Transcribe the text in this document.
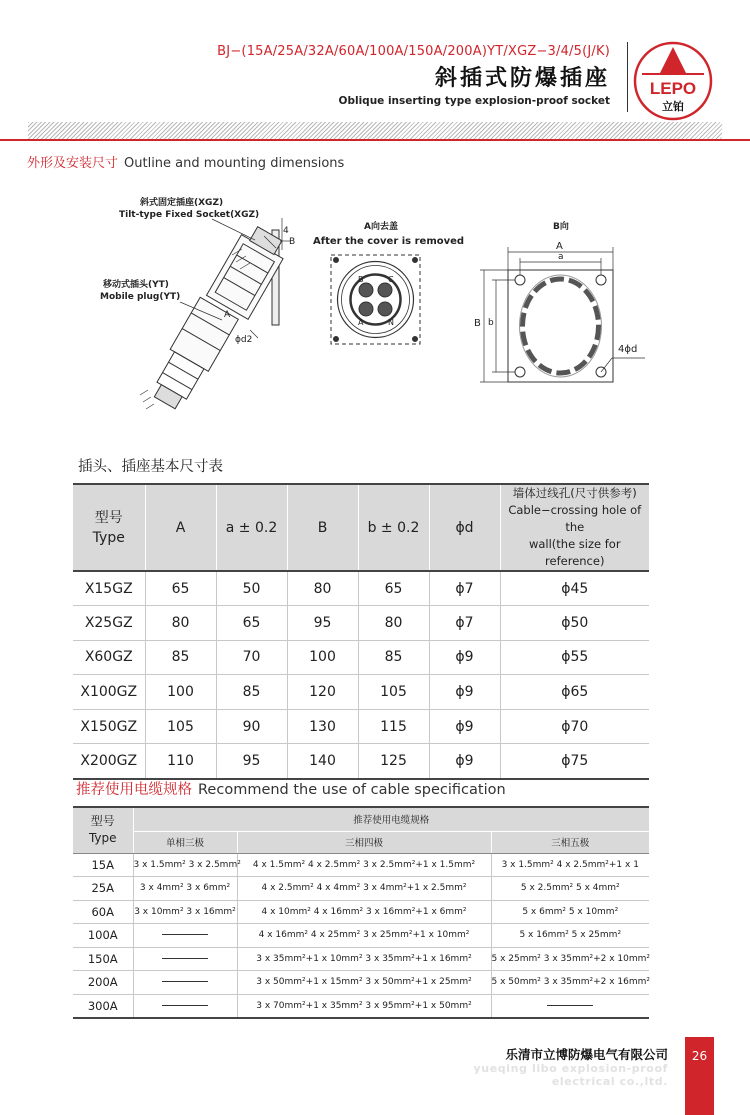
BJ−(15A/25A/32A/60A/100A/150A/200A)YT/XGZ−3/4/5(J/K)
斜插式防爆插座
Oblique inserting type explosion-proof socket
LEPO
立铂
外形及安装尺寸 Outline and mounting dimensions
斜式固定插座(XGZ)
Tilt-type Fixed Socket(XGZ)
移动式插头(YT)
Mobile plug(YT)
4
B
A
ϕd2
A向去盖
After the cover is removed
B	C
A	N
B向
A
a
B b
4ϕd
插头、插座基本尺寸表
型号
Type	A	a ± 0.2	B	b ± 0.2	ϕd	墙体过线孔(尺寸供参考)
Cable−crossing hole of the
wall(the size for reference)
X15GZ	65	50	80	65	ϕ7	ϕ45
X25GZ	80	65	95	80	ϕ7	ϕ50
X60GZ	85	70	100	85	ϕ9	ϕ55
X100GZ	100	85	120	105	ϕ9	ϕ65
X150GZ	105	90	130	115	ϕ9	ϕ70
X200GZ	110	95	140	125	ϕ9	ϕ75
推荐使用电缆规格 Recommend the use of cable specification
型号
Type	推荐使用电缆规格		
	单相三极	三相四极	三相五极
15A	3 x 1.5mm² 3 x 2.5mm²	4 x 1.5mm² 4 x 2.5mm² 3 x 2.5mm²+1 x 1.5mm²	3 x 1.5mm² 4 x 2.5mm²+1 x 1
25A	3 x 4mm² 3 x 6mm²	4 x 2.5mm² 4 x 4mm² 3 x 4mm²+1 x 2.5mm²	5 x 2.5mm² 5 x 4mm²
60A	3 x 10mm² 3 x 16mm²	4 x 10mm² 4 x 16mm² 3 x 16mm²+1 x 6mm²	5 x 6mm² 5 x 10mm²
100A		4 x 16mm² 4 x 25mm² 3 x 25mm²+1 x 10mm²	5 x 16mm² 5 x 25mm²
150A		3 x 35mm²+1 x 10mm² 3 x 35mm²+1 x 16mm²	5 x 25mm² 3 x 35mm²+2 x 10mm²
200A		3 x 50mm²+1 x 15mm² 3 x 50mm²+1 x 25mm²	5 x 50mm² 3 x 35mm²+2 x 16mm²
300A		3 x 70mm²+1 x 35mm² 3 x 95mm²+1 x 50mm²	
乐清市立博防爆电气有限公司
yueqing libo explosion-proof
electrical co.,ltd.
26
